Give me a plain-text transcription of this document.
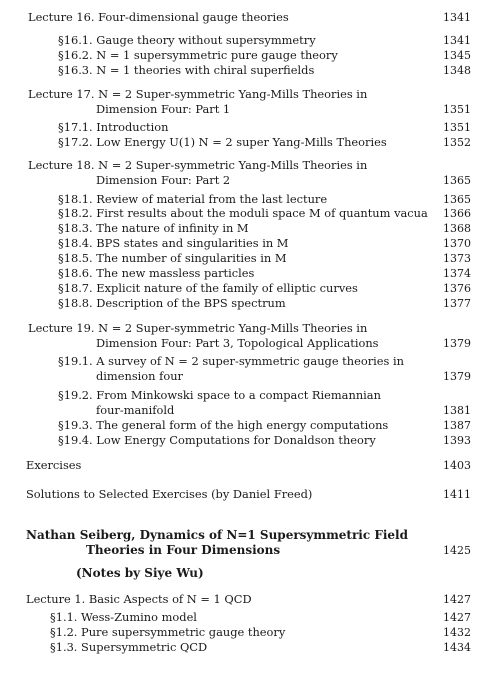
Lecture 16. Four-dimensional gauge theories	1341
§16.1. Gauge theory without supersymmetry	1341
§16.2. N = 1 supersymmetric pure gauge theory	1345
§16.3. N = 1 theories with chiral superfields	1348
Lecture 17. N = 2 Super-symmetric Yang-Mills Theories in
Dimension Four: Part 1	1351
§17.1. Introduction	1351
§17.2. Low Energy U(1) N = 2 super Yang-Mills Theories	1352
Lecture 18. N = 2 Super-symmetric Yang-Mills Theories in
Dimension Four: Part 2	1365
§18.1. Review of material from the last lecture	1365
§18.2. First results about the moduli space M of quantum vacua 1366
§18.3. The nature of infinity in M	1368
§18.4. BPS states and singularities in M	1370
§18.5. The number of singularities in M	1373
§18.6. The new massless particles	1374
§18.7. Explicit nature of the family of elliptic curves	1376
§18.8. Description of the BPS spectrum	1377
Lecture 19. N = 2 Super-symmetric Yang-Mills Theories in
Dimension Four: Part 3, Topological Applications	1379
§19.1. A survey of N = 2 super-symmetric gauge theories in
dimension four	1379
§19.2. From Minkowski space to a compact Riemannian
four-manifold	1381
§19.3. The general form of the high energy computations	1387
§19.4. Low Energy Computations for Donaldson theory	1393
Exercises	1403
Solutions to Selected Exercises (by Daniel Freed)	1411
Nathan Seiberg, Dynamics of N=1 Supersymmetric Field
Theories in Four Dimensions	1425
(Notes by Siye Wu)
Lecture 1. Basic Aspects of N = 1 QCD	1427
§1.1. Wess-Zumino model	1427
§1.2. Pure supersymmetric gauge theory	1432
§1.3. Supersymmetric QCD	1434
